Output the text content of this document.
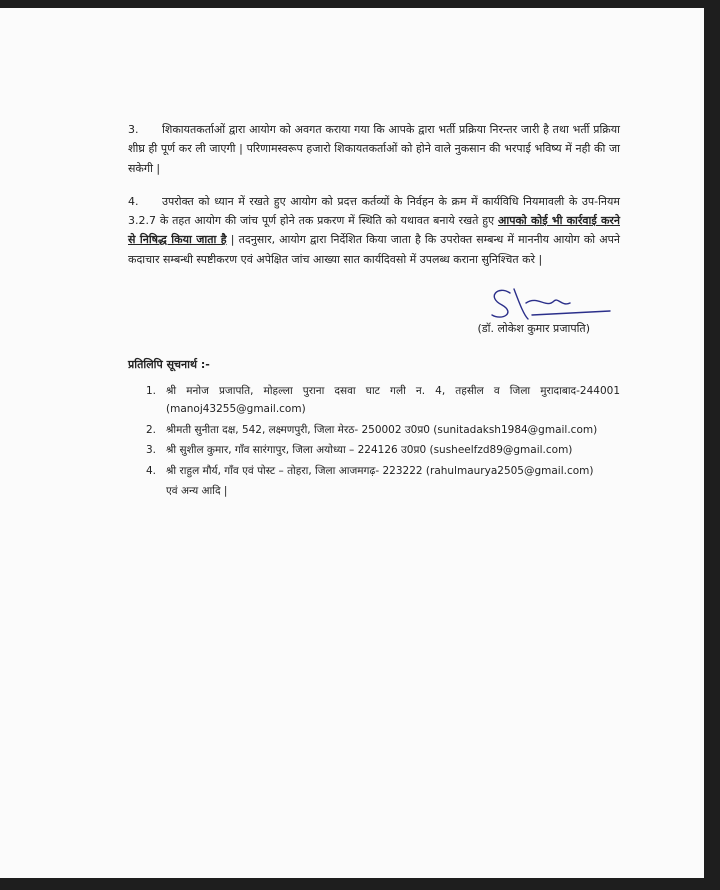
3. शिकायतकर्ताओं द्वारा आयोग को अवगत कराया गया कि आपके द्वारा भर्ती प्रक्रिया निरन्तर जारी है तथा भर्ती प्रक्रिया शीघ्र ही पूर्ण कर ली जाएगी | परिणामस्वरूप हजारो शिकायतकर्ताओं को होने वाले नुकसान की भरपाई भविष्य में नही की जा सकेगी |

4. उपरोक्त को ध्यान में रखते हुए आयोग को प्रदत्त कर्तव्यों के निर्वहन के क्रम में कार्यविधि नियमावली के उप-नियम 3.2.7 के तहत आयोग की जांच पूर्ण होने तक प्रकरण में स्थिति को यथावत बनाये रखते हुए आपको कोई भी कार्रवाई करने से निषिद्ध किया जाता है | तदनुसार, आयोग द्वारा निर्देशित किया जाता है कि उपरोक्त सम्बन्ध में माननीय आयोग को अपने कदाचार सम्बन्धी स्पष्टीकरण एवं अपेक्षित जांच आख्या सात कार्यदिवसो में उपलब्ध कराना सुनिश्चित करे |

(डॉ. लोकेश कुमार प्रजापति)
प्रतिलिपि सूचनार्थ :-
1. श्री मनोज प्रजापति, मोहल्ला पुराना दसवा घाट गली न. 4, तहसील व जिला मुरादाबाद-244001 (manoj43255@gmail.com)
2. श्रीमती सुनीता दक्ष, 542, लक्ष्मणपुरी, जिला मेरठ- 250002 उ0प्र0 (sunitadaksh1984@gmail.com)
3. श्री सुशील कुमार, गाँव सारंगापुर, जिला अयोध्या – 224126 उ0प्र0 (susheelfzd89@gmail.com)
4. श्री राहुल मौर्य, गाँव एवं पोस्ट – तोहरा, जिला आजमगढ़- 223222 (rahulmaurya2505@gmail.com)
एवं अन्य आदि |
